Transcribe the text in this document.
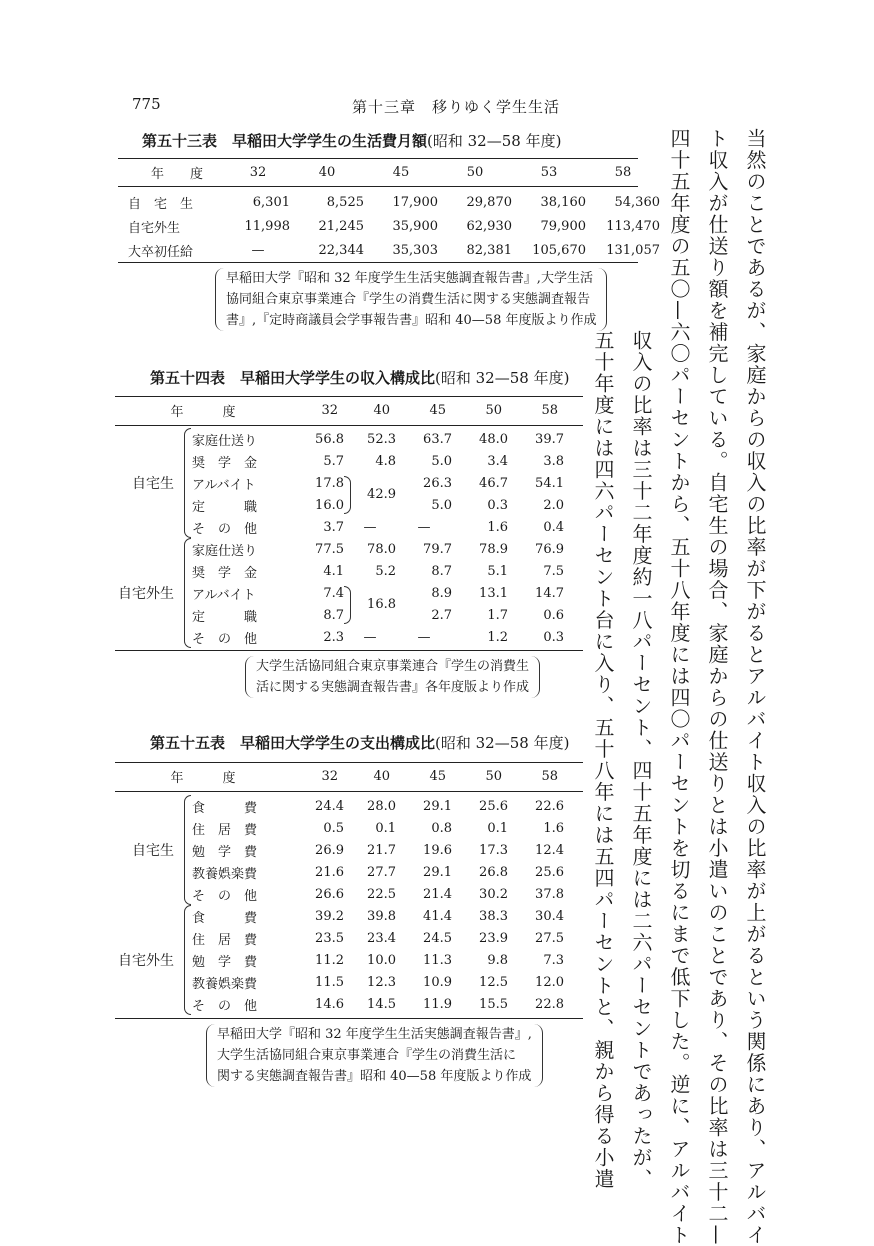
775	第十三章　移りゆく学生生活
第五十三表　早稲田大学学生の生活費月額(昭和 32—58 年度)
年　　度	32	40	45	50	53	58
自　宅　生	6,301	8,525	17,900	29,870	38,160	54,360
自宅外生	11,998	21,245	35,900	62,930	79,900	113,470
大卒初任給	—	22,344	35,303	82,381	105,670	131,057
早稲田大学『昭和 32 年度学生生活実態調査報告書』,大学生活
協同組合東京事業連合『学生の消費生活に関する実態調査報告
書』,『定時商議員会学事報告書』昭和 40—58 年度版より作成
第五十四表　早稲田大学学生の収入構成比(昭和 32—58 年度)
年　　　度	32	40	45	50	58
自宅生		家庭仕送り	56.8	52.3	63.7	48.0	39.7
		奨　学　金	5.7	4.8	5.0	3.4	3.8
		アルバイト	17.8	42.9	26.3	46.7	54.1
		定　　　職	16.0		5.0	0.3	2.0
		そ　の　他	3.7	—	—	1.6	0.4
自宅外生		家庭仕送り	77.5	78.0	79.7	78.9	76.9
		奨　学　金	4.1	5.2	8.7	5.1	7.5
		アルバイト	7.4	16.8	8.9	13.1	14.7
		定　　　職	8.7		2.7	1.7	0.6
		そ　の　他	2.3	—	—	1.2	0.3
大学生活協同組合東京事業連合『学生の消費生
活に関する実態調査報告書』各年度版より作成
第五十五表　早稲田大学学生の支出構成比(昭和 32—58 年度)
年　　　度	32	40	45	50	58
自宅生		食　　　費	24.4	28.0	29.1	25.6	22.6
		住　居　費	0.5	0.1	0.8	0.1	1.6
		勉　学　費	26.9	21.7	19.6	17.3	12.4
		教養娯楽費	21.6	27.7	29.1	26.8	25.6
		そ　の　他	26.6	22.5	21.4	30.2	37.8
自宅外生		食　　　費	39.2	39.8	41.4	38.3	30.4
		住　居　費	23.5	23.4	24.5	23.9	27.5
		勉　学　費	11.2	10.0	11.3	9.8	7.3
		教養娯楽費	11.5	12.3	10.9	12.5	12.0
		そ　の　他	14.6	14.5	11.9	15.5	22.8
早稲田大学『昭和 32 年度学生生活実態調査報告書』,
大学生活協同組合東京事業連合『学生の消費生活に
関する実態調査報告書』昭和 40—58 年度版より作成	当然のことであるが、家庭からの収入の比率が下がるとアルバイト収入の比率が上がるという関係にあり、アルバイ
ト収入が仕送り額を補完している。自宅生の場合、家庭からの仕送りとは小遣いのことであり、その比率は三十二—
四十五年度の五〇—六〇パーセントから、五十八年度には四〇パーセントを切るにまで低下した。逆に、アルバイト
収入の比率は三十二年度約一八パーセント、四十五年度には二六パーセントであったが、
五十年度には四六パーセント台に入り、五十八年には五四パーセントと、親から得る小遣
